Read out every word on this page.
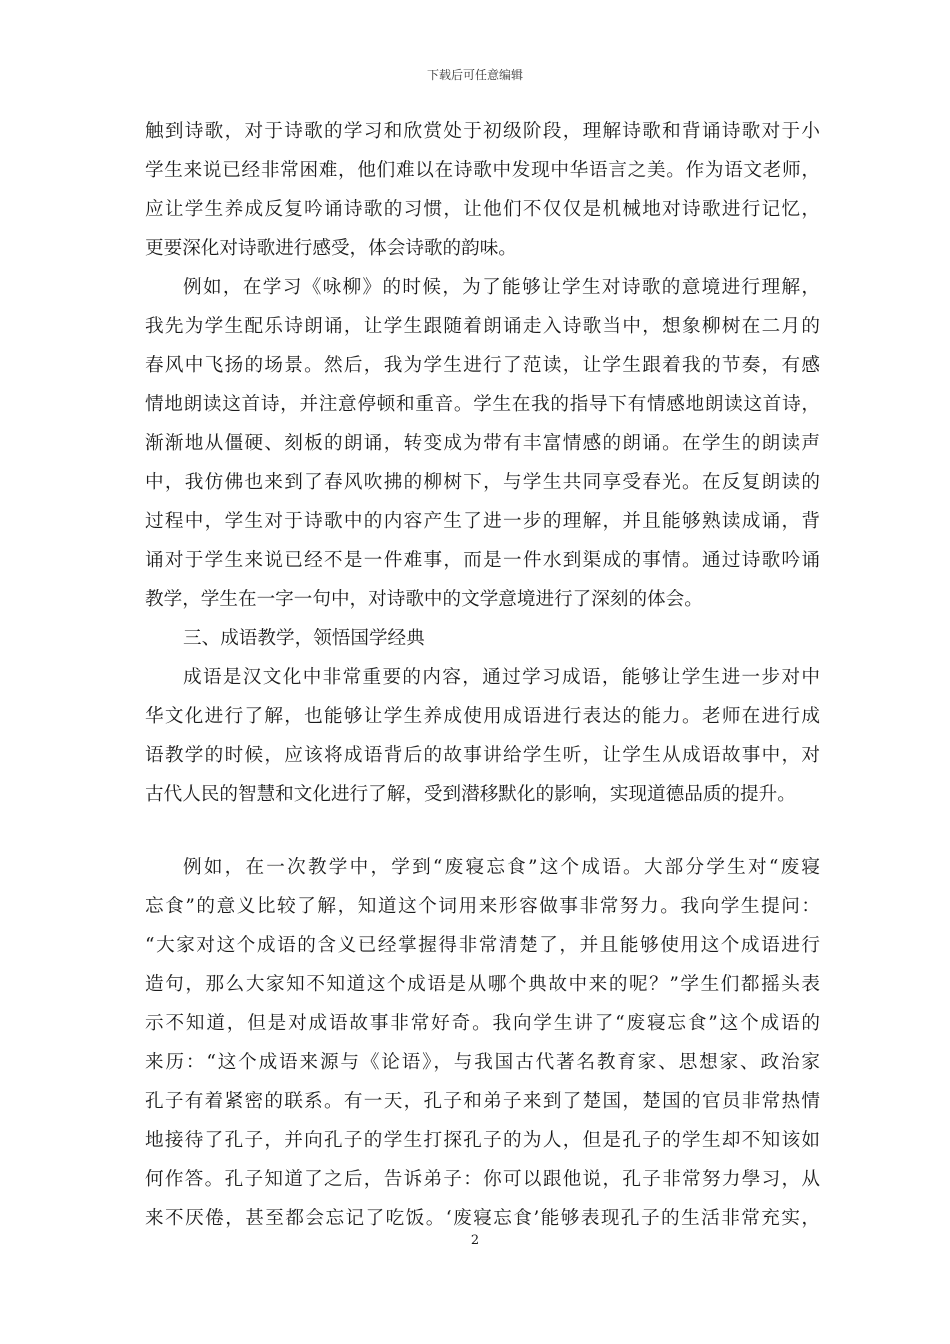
下载后可任意编辑
触到诗歌，对于诗歌的学习和欣赏处于初级阶段，理解诗歌和背诵诗歌对于小
学生来说已经非常困难，他们难以在诗歌中发现中华语言之美。作为语文老师，
应让学生养成反复吟诵诗歌的习惯，让他们不仅仅是机械地对诗歌进行记忆，
更要深化对诗歌进行感受，体会诗歌的韵味。
例如，在学习《咏柳》的时候，为了能够让学生对诗歌的意境进行理解，
我先为学生配乐诗朗诵，让学生跟随着朗诵走入诗歌当中，想象柳树在二月的
春风中飞扬的场景。然后，我为学生进行了范读，让学生跟着我的节奏，有感
情地朗读这首诗，并注意停顿和重音。学生在我的指导下有情感地朗读这首诗，
渐渐地从僵硬、刻板的朗诵，转变成为带有丰富情感的朗诵。在学生的朗读声
中，我仿佛也来到了春风吹拂的柳树下，与学生共同享受春光。在反复朗读的
过程中，学生对于诗歌中的内容产生了进一步的理解，并且能够熟读成诵，背
诵对于学生来说已经不是一件难事，而是一件水到渠成的事情。通过诗歌吟诵
教学，学生在一字一句中，对诗歌中的文学意境进行了深刻的体会。
三、成语教学，领悟国学经典
成语是汉文化中非常重要的内容，通过学习成语，能够让学生进一步对中
华文化进行了解，也能够让学生养成使用成语进行表达的能力。老师在进行成
语教学的时候，应该将成语背后的故事讲给学生听，让学生从成语故事中，对
古代人民的智慧和文化进行了解，受到潜移默化的影响，实现道德品质的提升。
例如，在一次教学中，学到“废寝忘食”这个成语。大部分学生对“废寝
忘食”的意义比较了解，知道这个词用来形容做事非常努力。我向学生提问：
“大家对这个成语的含义已经掌握得非常清楚了，并且能够使用这个成语进行
造句，那么大家知不知道这个成语是从哪个典故中来的呢？”学生们都摇头表
示不知道，但是对成语故事非常好奇。我向学生讲了“废寝忘食”这个成语的
来历：“这个成语来源与《论语》，与我国古代著名教育家、思想家、政治家
孔子有着紧密的联系。有一天，孔子和弟子来到了楚国，楚国的官员非常热情
地接待了孔子，并向孔子的学生打探孔子的为人，但是孔子的学生却不知该如
何作答。孔子知道了之后，告诉弟子：你可以跟他说，孔子非常努力學习，从
来不厌倦，甚至都会忘记了吃饭。‘废寝忘食’能够表现孔子的生活非常充实，
2
